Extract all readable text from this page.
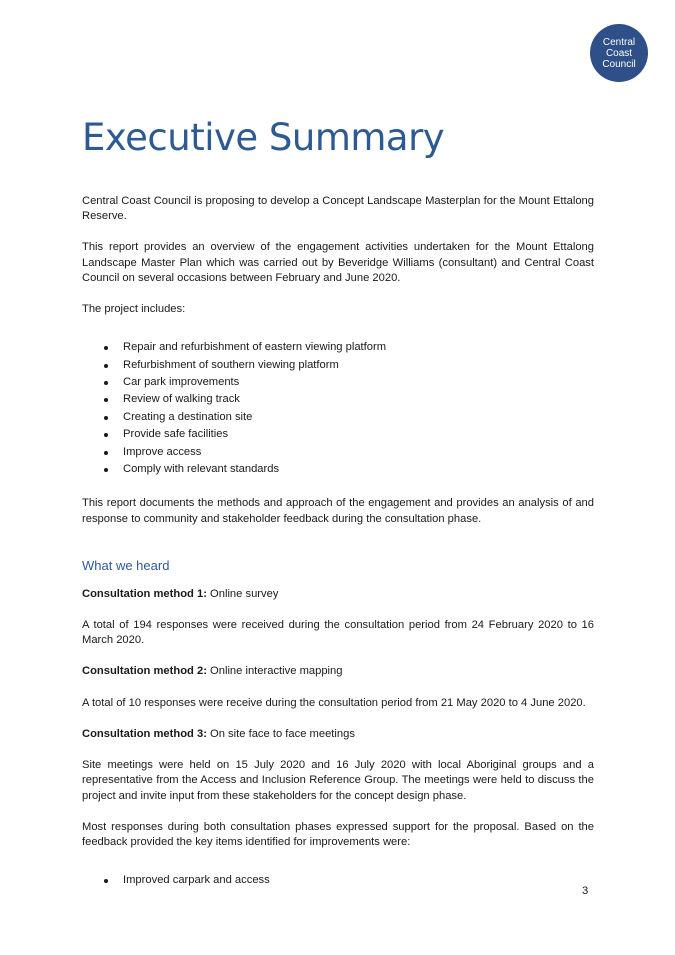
Central
Coast
Council
Executive Summary

Central Coast Council is proposing to develop a Concept Landscape Masterplan for the Mount Ettalong Reserve.

This report provides an overview of the engagement activities undertaken for the Mount Ettalong Landscape Master Plan which was carried out by Beveridge Williams (consultant) and Central Coast Council on several occasions between February and June 2020.

The project includes:

Repair and refurbishment of eastern viewing platform
Refurbishment of southern viewing platform
Car park improvements
Review of walking track
Creating a destination site
Provide safe facilities
Improve access
Comply with relevant standards

This report documents the methods and approach of the engagement and provides an analysis of and response to community and stakeholder feedback during the consultation phase.

What we heard

Consultation method 1: Online survey

A total of 194 responses were received during the consultation period from 24 February 2020 to 16 March 2020.

Consultation method 2: Online interactive mapping

A total of 10 responses were receive during the consultation period from 21 May 2020 to 4 June 2020.

Consultation method 3: On site face to face meetings

Site meetings were held on 15 July 2020 and 16 July 2020 with local Aboriginal groups and a representative from the Access and Inclusion Reference Group. The meetings were held to discuss the project and invite input from these stakeholders for the concept design phase.

Most responses during both consultation phases expressed support for the proposal. Based on the feedback provided the key items identified for improvements were:

Improved carpark and access
3
